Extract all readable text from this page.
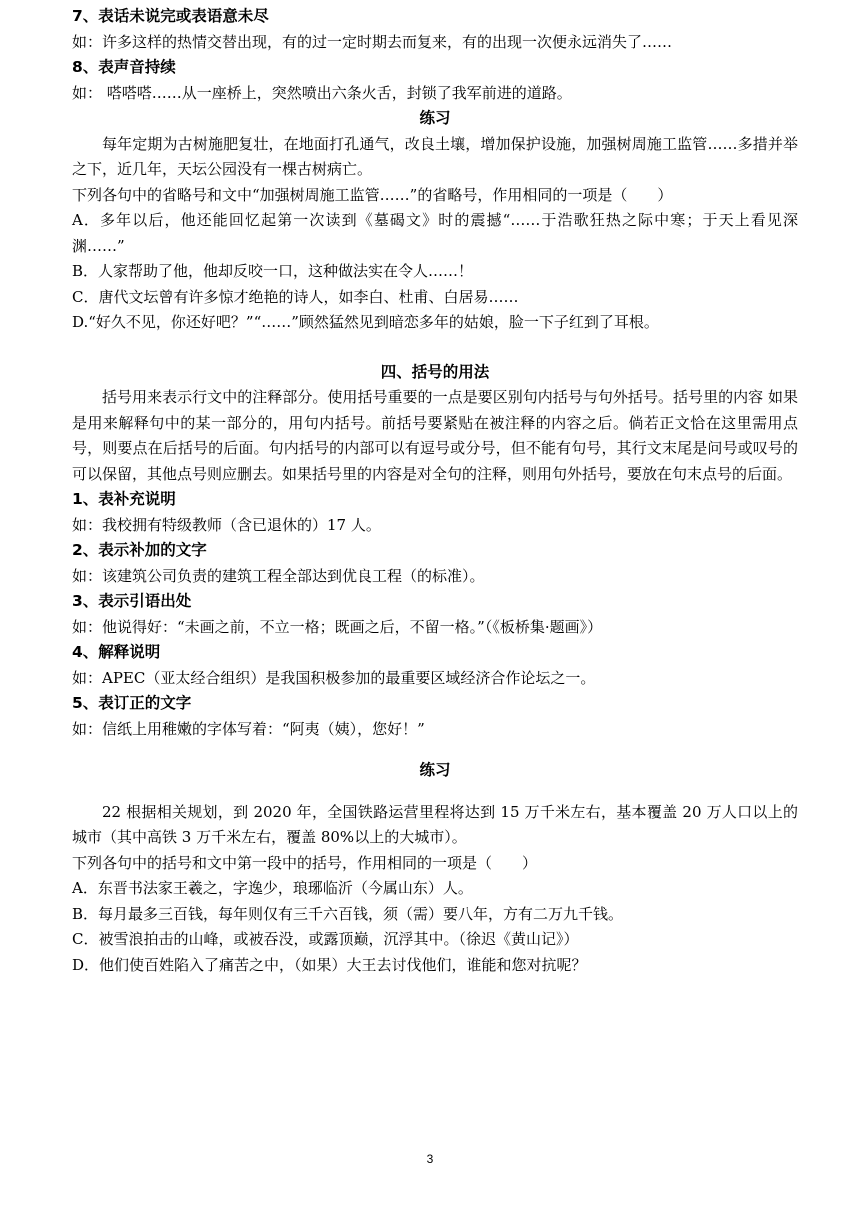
7、表话未说完或表语意未尽

如：许多这样的热情交替出现，有的过一定时期去而复来，有的出现一次便永远消失了……

8、表声音持续

如： 嗒嗒嗒……从一座桥上，突然喷出六条火舌，封锁了我军前进的道路。

练习

每年定期为古树施肥复壮，在地面打孔通气，改良土壤，增加保护设施，加强树周施工监管……多措并举之下，近几年，天坛公园没有一棵古树病亡。

下列各句中的省略号和文中“加强树周施工监管……”的省略号，作用相同的一项是（　　）

A．多年以后，他还能回忆起第一次读到《墓碣文》时的震撼“……于浩歌狂热之际中寒；于天上看见深渊……”

B．人家帮助了他，他却反咬一口，这种做法实在令人……！

C．唐代文坛曾有许多惊才绝艳的诗人，如李白、杜甫、白居易……

D.“好久不见，你还好吧？”“……”顾然猛然见到暗恋多年的姑娘，脸一下子红到了耳根。

四、括号的用法

括号用来表示行文中的注释部分。使用括号重要的一点是要区别句内括号与句外括号。括号里的内容 如果是用来解释句中的某一部分的，用句内括号。前括号要紧贴在被注释的内容之后。倘若正文恰在这里需用点号，则要点在后括号的后面。句内括号的内部可以有逗号或分号，但不能有句号，其行文末尾是问号或叹号的可以保留，其他点号则应删去。如果括号里的内容是对全句的注释，则用句外括号，要放在句末点号的后面。

1、表补充说明

如：我校拥有特级教师（含已退休的）17 人。

2、表示补加的文字

如：该建筑公司负责的建筑工程全部达到优良工程（的标准）。

3、表示引语出处

如：他说得好：“未画之前，不立一格；既画之后，不留一格。”（《板桥集·题画》）

4、解释说明

如：APEC（亚太经合组织）是我国积极参加的最重要区域经济合作论坛之一。

5、表订正的文字

如：信纸上用稚嫩的字体写着：“阿夷（姨），您好！”

练习

22 根据相关规划，到 2020 年，全国铁路运营里程将达到 15 万千米左右，基本覆盖 20 万人口以上的城市（其中高铁 3 万千米左右，覆盖 80%以上的大城市）。

下列各句中的括号和文中第一段中的括号，作用相同的一项是（　　）

A．东晋书法家王羲之，字逸少，琅琊临沂（今属山东）人。

B．每月最多三百钱，每年则仅有三千六百钱，须（需）要八年，方有二万九千钱。

C．被雪浪拍击的山峰，或被吞没，或露顶巅，沉浮其中。（徐迟《黄山记》）

D．他们使百姓陷入了痛苦之中，（如果）大王去讨伐他们，谁能和您对抗呢？

3
